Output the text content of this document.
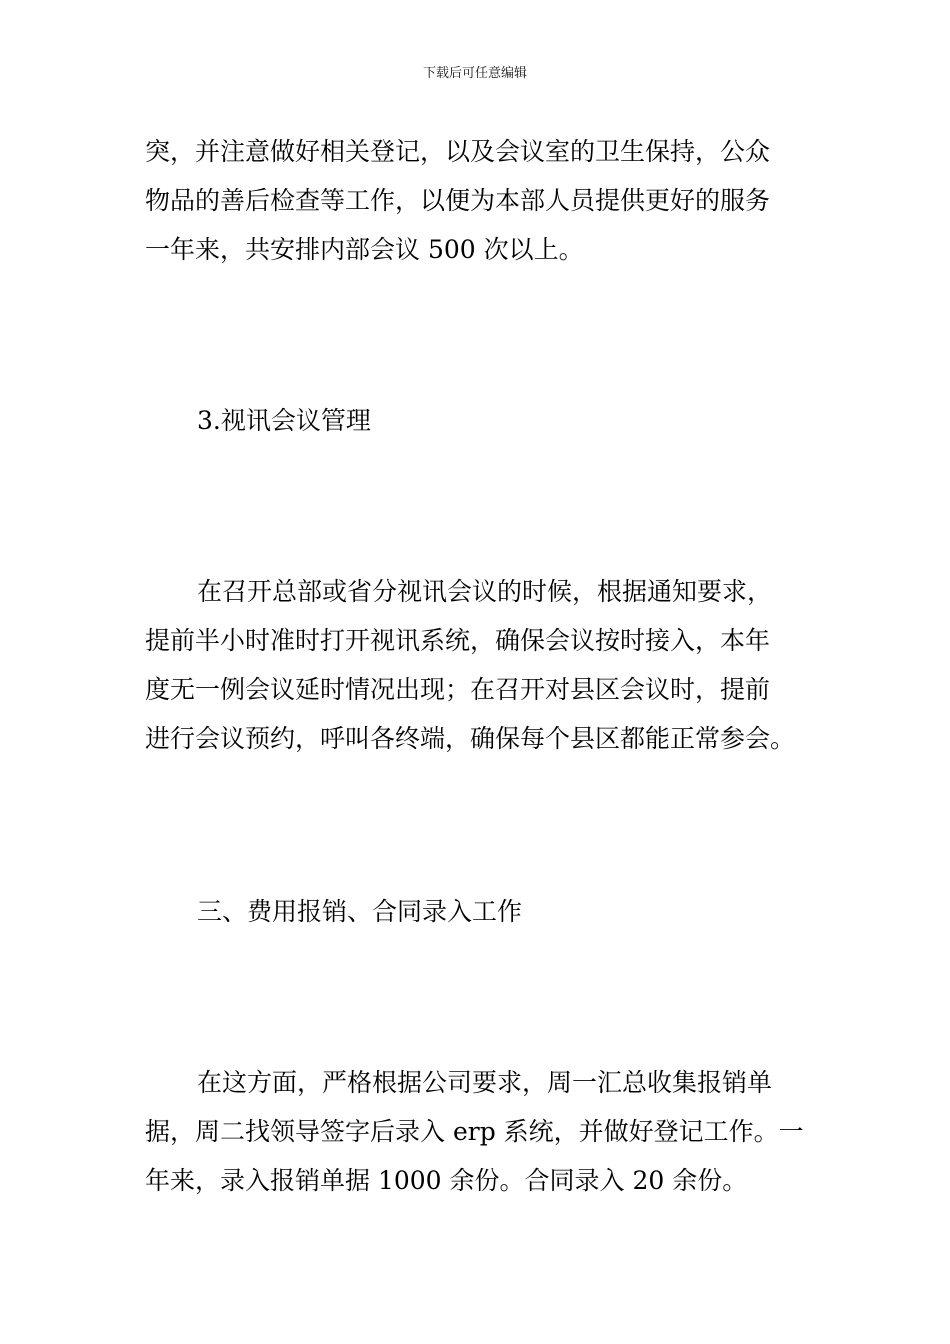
下载后可任意编辑

突，并注意做好相关登记，以及会议室的卫生保持，公众
物品的善后检查等工作，以便为本部人员提供更好的服务
一年来，共安排内部会议 500 次以上。

3.视讯会议管理

在召开总部或省分视讯会议的时候，根据通知要求，
提前半小时准时打开视讯系统，确保会议按时接入，本年
度无一例会议延时情况出现；在召开对县区会议时，提前
进行会议预约，呼叫各终端，确保每个县区都能正常参会。

三、费用报销、合同录入工作

在这方面，严格根据公司要求，周一汇总收集报销单
据，周二找领导签字后录入 erp 系统，并做好登记工作。一
年来，录入报销单据 1000 余份。合同录入 20 余份。
